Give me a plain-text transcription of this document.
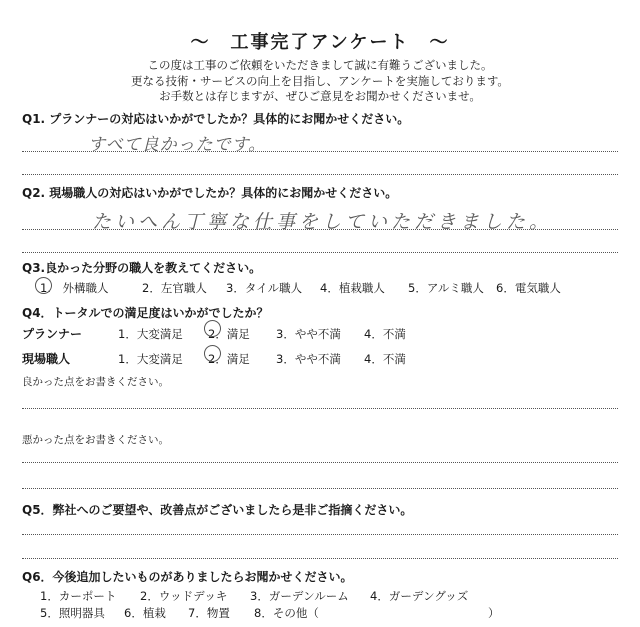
～　工事完了アンケート　～
この度は工事のご依頼をいただきまして誠に有難うございました。
更なる技術・サービスの向上を目指し、アンケートを実施しております。
お手数とは存じますが、ぜひご意見をお聞かせくださいませ。
Q1. プランナーの対応はいかがでしたか？具体的にお聞かせください。
すべて良かったです。
Q2. 現場職人の対応はいかがでしたか？具体的にお聞かせください。
たいへん丁寧な仕事をしていただきました。
Q3.良かった分野の職人を教えてください。
1.　外構職人	2．左官職人 3．タイル職人 4．植栽職人 5．アルミ職人 6．電気職人
Q4．トータルでの満足度はいかがでしたか？
プランナー	1．大変満足 2．満足 3．やや不満 4．不満
現場職人	1．大変満足 2．満足 3．やや不満 4．不満
良かった点をお書きください。
悪かった点をお書きください。
Q5．弊社へのご要望や、改善点がございましたら是非ご指摘ください。
Q6．今後追加したいものがありましたらお聞かせください。
1．カーポート 2．ウッドデッキ 3．ガーデンルーム 4．ガーデングッズ
5．照明器具 6．植栽 7．物置 8．その他（	）
